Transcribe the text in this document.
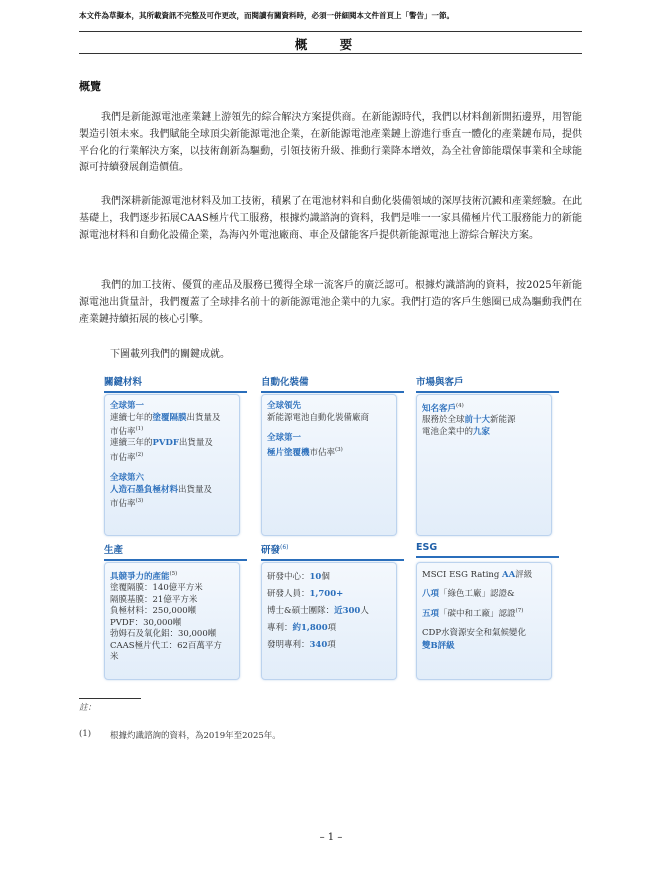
本文件為草擬本，其所載資訊不完整及可作更改，而閱讀有關資料時，必須一併細閱本文件首頁上「警告」一節。
概 要
概覽

我們是新能源電池產業鏈上游領先的綜合解決方案提供商。在新能源時代，我們以材料創新開拓邊界，用智能製造引領未來。我們賦能全球頂尖新能源電池企業，在新能源電池產業鏈上游進行垂直一體化的產業鏈布局，提供平台化的行業解決方案，以技術創新為驅動，引領技術升級、推動行業降本增效，為全社會節能環保事業和全球能源可持續發展創造價值。

我們深耕新能源電池材料及加工技術，積累了在電池材料和自動化裝備領域的深厚技術沉澱和產業經驗。在此基礎上，我們逐步拓展CAAS極片代工服務，根據灼識諮詢的資料，我們是唯一一家具備極片代工服務能力的新能源電池材料和自動化設備企業，為海內外電池廠商、車企及儲能客戶提供新能源電池上游綜合解決方案。

我們的加工技術、優質的產品及服務已獲得全球一流客戶的廣泛認可。根據灼識諮詢的資料，按2025年新能源電池出貨量計，我們覆蓋了全球排名前十的新能源電池企業中的九家。我們打造的客戶生態圈已成為驅動我們在產業鏈持續拓展的核心引擎。

下圖載列我們的關鍵成就。
關鍵材料	自動化裝備	市場與客戶
全球第一
連續七年的塗覆隔膜出貨量及
市佔率$^{(1)}$
連續三年的PVDF出貨量及
市佔率$^{(2)}$
全球第六
人造石墨負極材料出貨量及
市佔率$^{(3)}$
全球領先
新能源電池自動化裝備廠商
全球第一
極片塗覆機市佔率$^{(3)}$
知名客戶$^{(4)}$
服務於全球前十大新能源
電池企業中的九家
生產	研發$^{(6)}$	ESG
具競爭力的產能$^{(5)}$
塗覆隔膜：140億平方米
隔膜基膜：21億平方米
負極材料：250,000噸
PVDF：30,000噸
勃姆石及氧化鋁：30,000噸
CAAS極片代工：62百萬平方
米
研發中心：10個
研發人員：1,700+
博士&碩士團隊：近300人
專利：約1,800項
發明專利：340項
MSCI ESG Rating AA評級
八項「綠色工廠」認證&
五項「碳中和工廠」認證$^{(7)}$
CDP水資源安全和氣候變化
雙B評級
註：
(1) 根據灼識諮詢的資料，為2019年至2025年。
– 1 –
